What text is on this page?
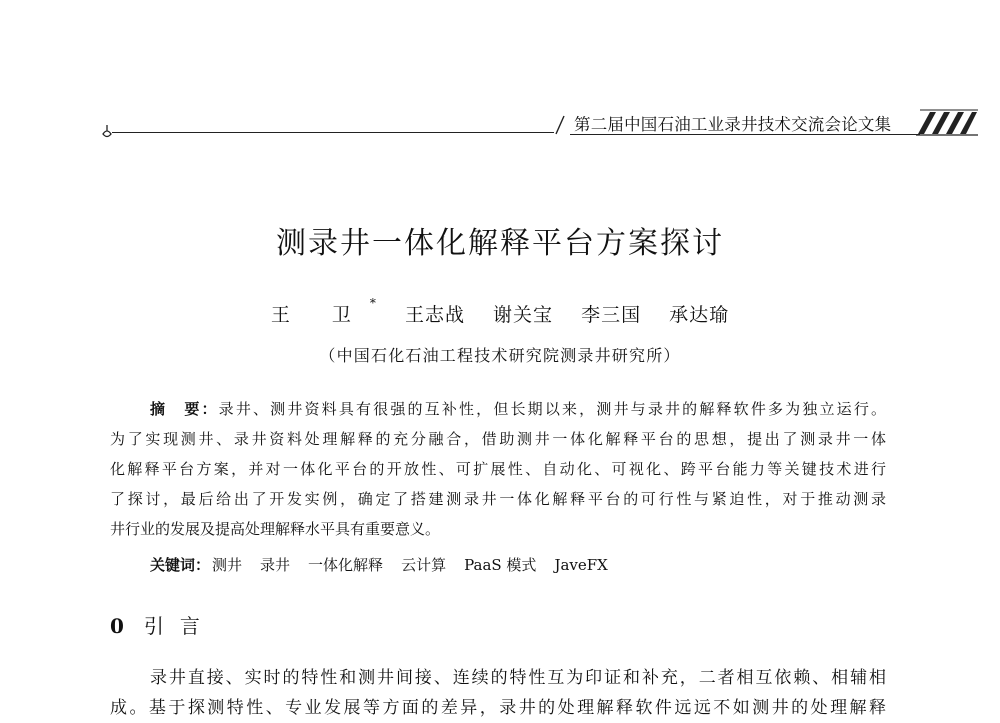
第二届中国石油工业录井技术交流会论文集
测录井一体化解释平台方案探讨
王 卫* 王志战 谢关宝 李三国 承达瑜
（中国石化石油工程技术研究院测录井研究所）
摘　要：录井、测井资料具有很强的互补性，但长期以来，测井与录井的解释软件多为独立运行。
为了实现测井、录井资料处理解释的充分融合，借助测井一体化解释平台的思想，提出了测录井一体
化解释平台方案，并对一体化平台的开放性、可扩展性、自动化、可视化、跨平台能力等关键技术进行
了探讨，最后给出了开发实例，确定了搭建测录井一体化解释平台的可行性与紧迫性，对于推动测录
井行业的发展及提高处理解释水平具有重要意义。
关键词： 测井 录井 一体化解释 云计算 PaaS 模式 JaveFX
0 引言
录井直接、实时的特性和测井间接、连续的特性互为印证和补充，二者相互依赖、相辅相
成。基于探测特性、专业发展等方面的差异，录井的处理解释软件远远不如测井的处理解释
